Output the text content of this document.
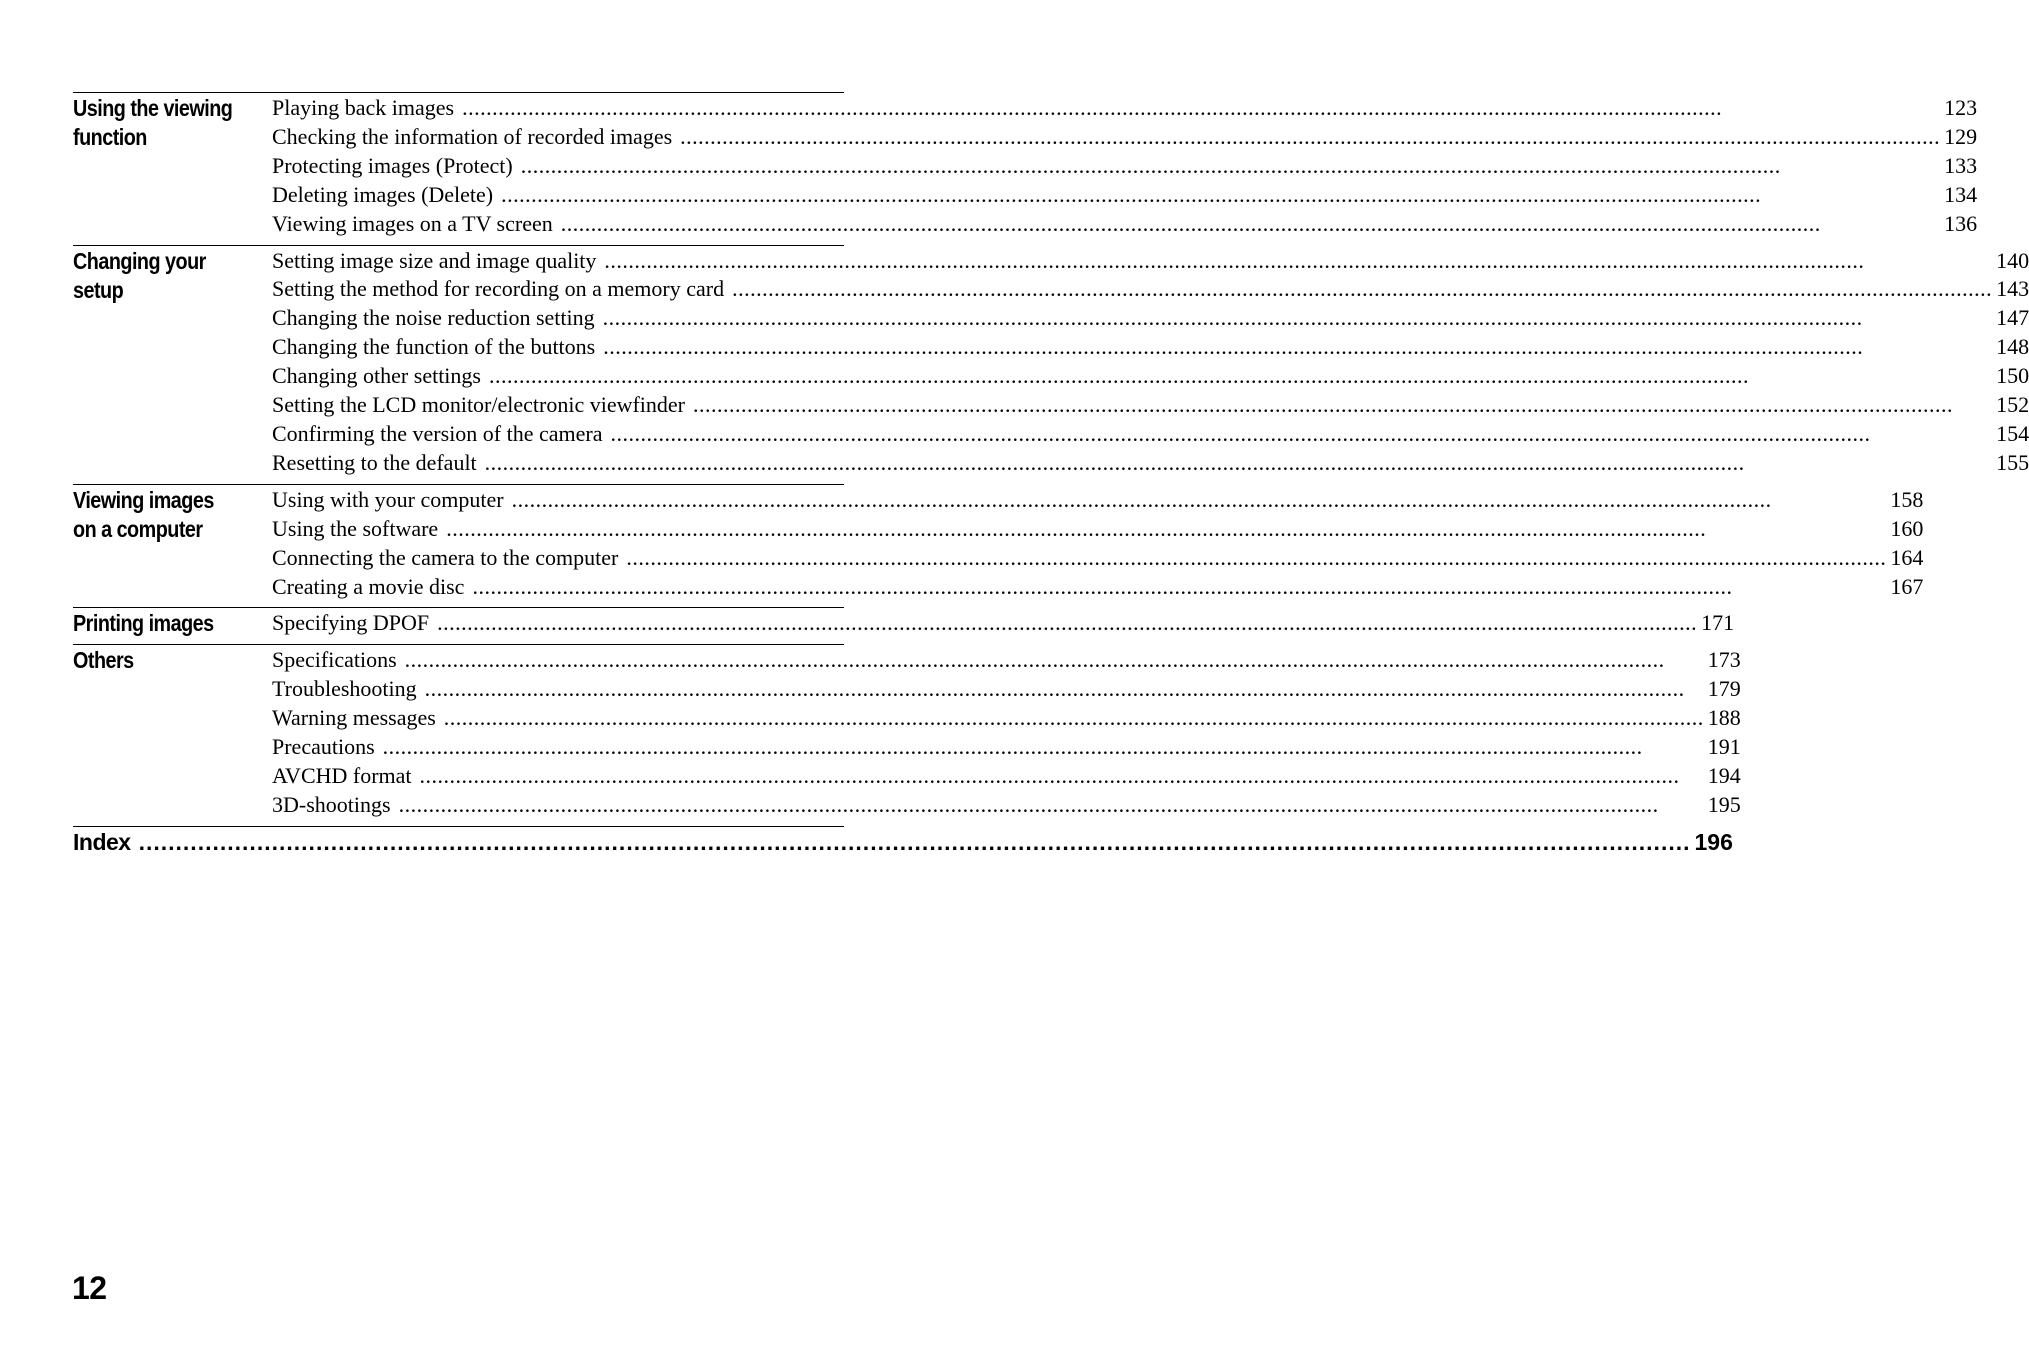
Using the viewing
function
Playing back images .....	123
Checking the information of recorded images .....	129
Protecting images (Protect) .....	133
Deleting images (Delete) .....	134
Viewing images on a TV screen .....	136
Changing your
setup
Setting image size and image quality .....	140
Setting the method for recording on a memory card .....	143
Changing the noise reduction setting .....	147
Changing the function of the buttons .....	148
Changing other settings .....	150
Setting the LCD monitor/electronic viewfinder .....	152
Confirming the version of the camera .....	154
Resetting to the default .....	155
Viewing images
on a computer
Using with your computer .....	158
Using the software .....	160
Connecting the camera to the computer .....	164
Creating a movie disc .....	167
Printing images	Specifying DPOF .....	171
Others	Specifications .....	173
Troubleshooting .....	179
Warning messages .....	188
Precautions .....	191
AVCHD format .....	194
3D-shootings .....	195
Index .....	196
12
